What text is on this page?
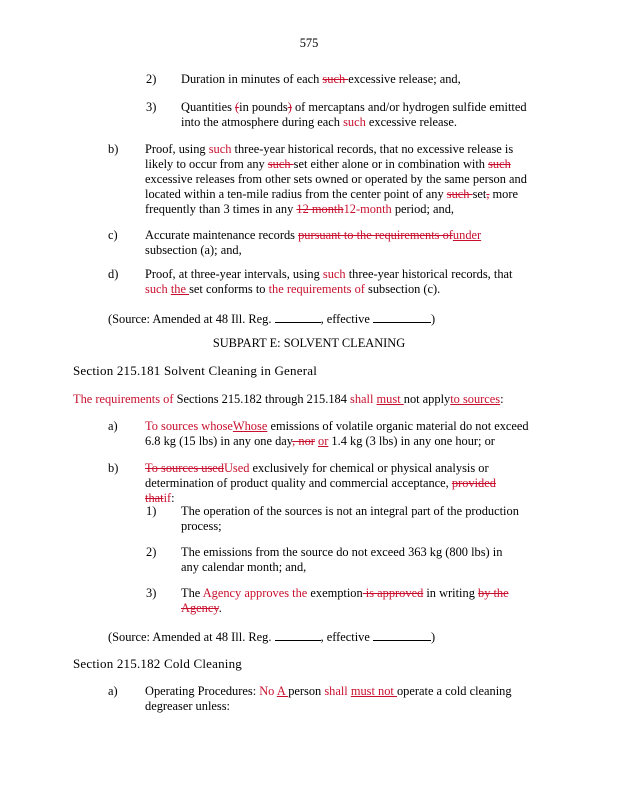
575
2) Duration in minutes of each such excessive release; and,
3) Quantities (in pounds) of mercaptans and/or hydrogen sulfide emitted into the atmosphere during each such excessive release.
b) Proof, using such three-year historical records, that no excessive release is likely to occur from any such set either alone or in combination with such excessive releases from other sets owned or operated by the same person and located within a ten-mile radius from the center point of any such set, more frequently than 3 times in any 12 month12-month period; and,
c) Accurate maintenance records pursuant to the requirements ofunder subsection (a); and,
d) Proof, at three-year intervals, using such three-year historical records, that such the set conforms to the requirements of subsection (c).
(Source: Amended at 48 Ill. Reg.	, effective	)
SUBPART E: SOLVENT CLEANING
Section 215.181 Solvent Cleaning in General
The requirements of Sections 215.182 through 215.184 shall must not applyto sources:
a) To sources whoseWhose emissions of volatile organic material do not exceed 6.8 kg (15 lbs) in any one day, nor or 1.4 kg (3 lbs) in any one hour; or
b) To sources usedUsed exclusively for chemical or physical analysis or determination of product quality and commercial acceptance, provided thatif:
1) The operation of the sources is not an integral part of the production process;
2) The emissions from the source do not exceed 363 kg (800 lbs) in any calendar month; and,
3) The Agency approves the exemption is approved in writing by the Agency.
(Source: Amended at 48 Ill. Reg.	, effective	)
Section 215.182 Cold Cleaning
a) Operating Procedures: No A person shall must not operate a cold cleaning degreaser unless:
